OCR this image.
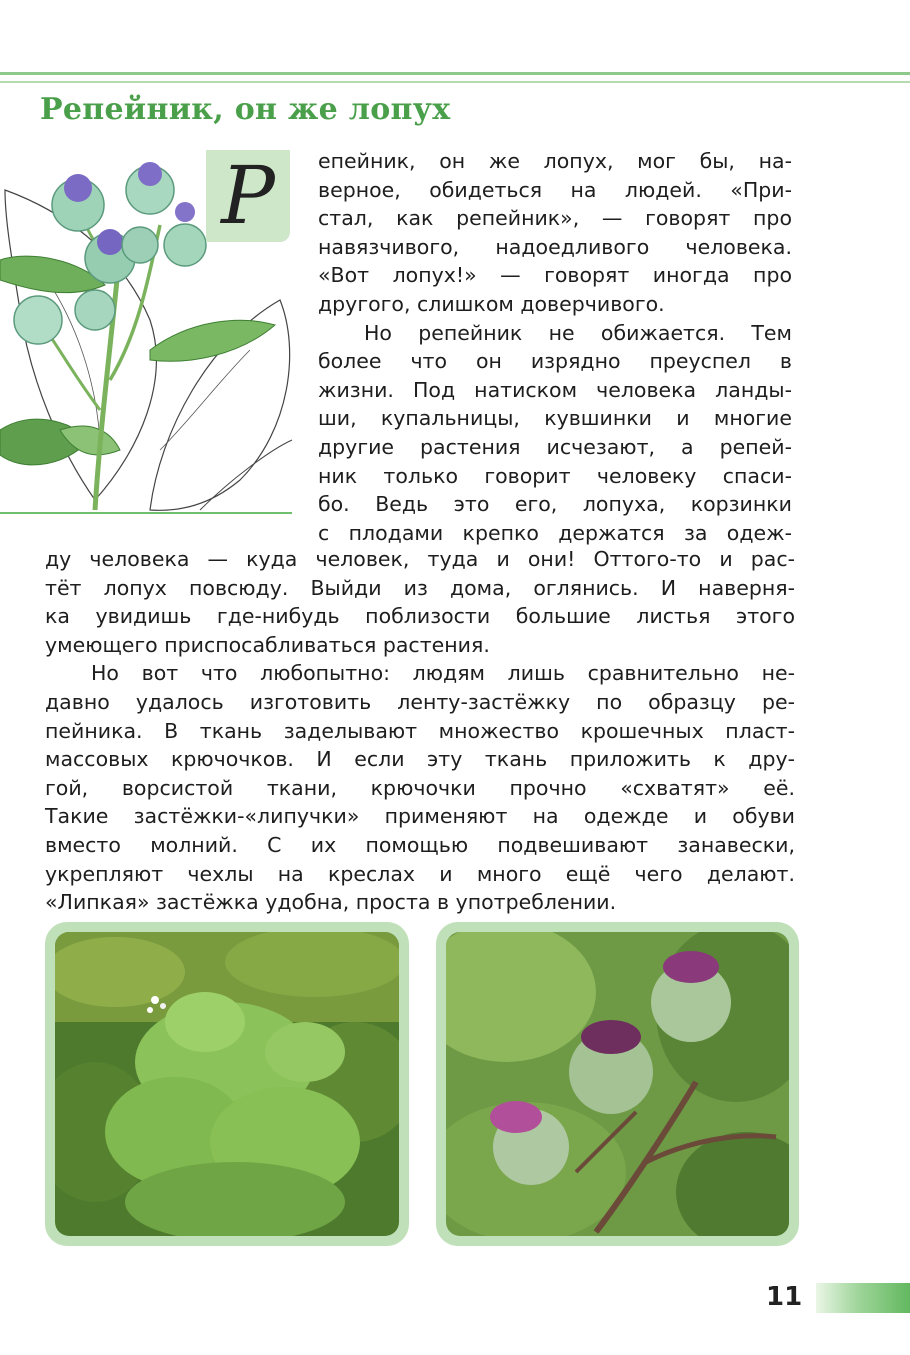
Репейник, он же лопух
Р	епейник, он же лопух, мог бы, на-
верное, обидеться на людей. «При-
стал, как репейник», — говорят про
навязчивого, надоедливого человека.
«Вот лопух!» — говорят иногда про
другого, слишком доверчивого.
Но репейник не обижается. Тем
более что он изрядно преуспел в
жизни. Под натиском человека ланды-
ши, купальницы, кувшинки и многие
другие растения исчезают, а репей-
ник только говорит человеку спаси-
бо. Ведь это его, лопуха, корзинки
с плодами крепко держатся за одеж-
ду человека — куда человек, туда и они! Оттого-то и рас-
тёт лопух повсюду. Выйди из дома, оглянись. И наверня-
ка увидишь где-нибудь поблизости большие листья этого
умеющего приспосабливаться растения.
Но вот что любопытно: людям лишь сравнительно не-
давно удалось изготовить ленту-застёжку по образцу ре-
пейника. В ткань заделывают множество крошечных пласт-
массовых крючочков. И если эту ткань приложить к дру-
гой, ворсистой ткани, крючочки прочно «схватят» её.
Такие застёжки-«липучки» применяют на одежде и обуви
вместо молний. С их помощью подвешивают занавески,
укрепляют чехлы на креслах и много ещё чего делают.
«Липкая» застёжка удобна, проста в употреблении.
11
